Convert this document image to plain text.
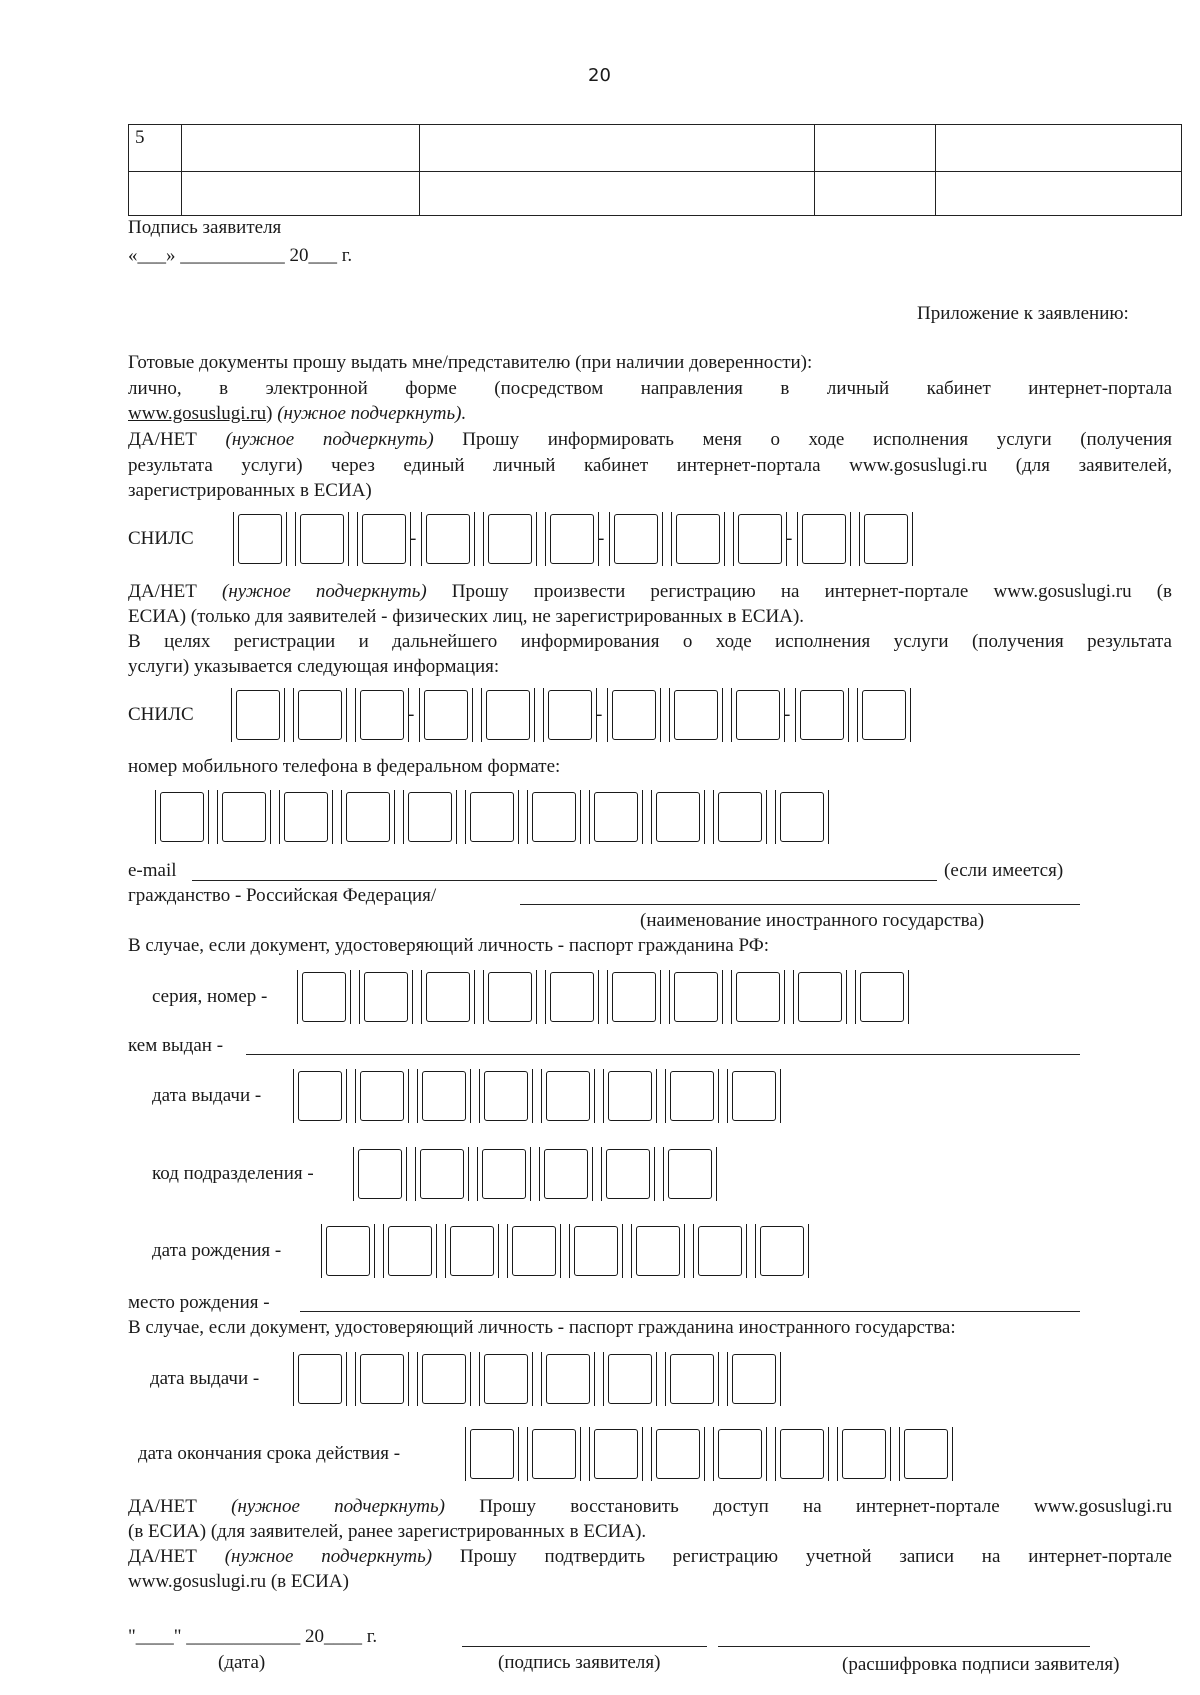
20
5				

Подпись заявителя
«___» ___________ 20___ г.
Приложение к заявлению:
Готовые документы прошу выдать мне/представителю (при наличии доверенности):
лично, в электронной форме (посредством направления в личный кабинет интернет-портала
www.gosuslugi.ru) (нужное подчеркнуть).
ДА/НЕТ (нужное подчеркнуть) Прошу информировать меня о ходе исполнения услуги (получения
результата услуги) через единый личный кабинет интернет-портала www.gosuslugi.ru (для заявителей,
зарегистрированных в ЕСИА)
СНИЛС	-	-	-
ДА/НЕТ (нужное подчеркнуть) Прошу произвести регистрацию на интернет-портале www.gosuslugi.ru (в
ЕСИА) (только для заявителей - физических лиц, не зарегистрированных в ЕСИА).
В целях регистрации и дальнейшего информирования о ходе исполнения услуги (получения результата
услуги) указывается следующая информация:
СНИЛС	-	-	-
номер мобильного телефона в федеральном формате:
e-mail	(если имеется)
гражданство - Российская Федерация/
(наименование иностранного государства)
В случае, если документ, удостоверяющий личность - паспорт гражданина РФ:
серия, номер -
кем выдан -
дата выдачи -
код подразделения -
дата рождения -
место рождения -
В случае, если документ, удостоверяющий личность - паспорт гражданина иностранного государства:
дата выдачи -
дата окончания срока действия -
ДА/НЕТ (нужное подчеркнуть) Прошу восстановить доступ на интернет-портале www.gosuslugi.ru
(в ЕСИА) (для заявителей, ранее зарегистрированных в ЕСИА).
ДА/НЕТ (нужное подчеркнуть) Прошу подтвердить регистрацию учетной записи на интернет-портале
www.gosuslugi.ru (в ЕСИА)
"____" ____________ 20____ г.
(дата)	(подпись заявителя)	(расшифровка подписи заявителя)
